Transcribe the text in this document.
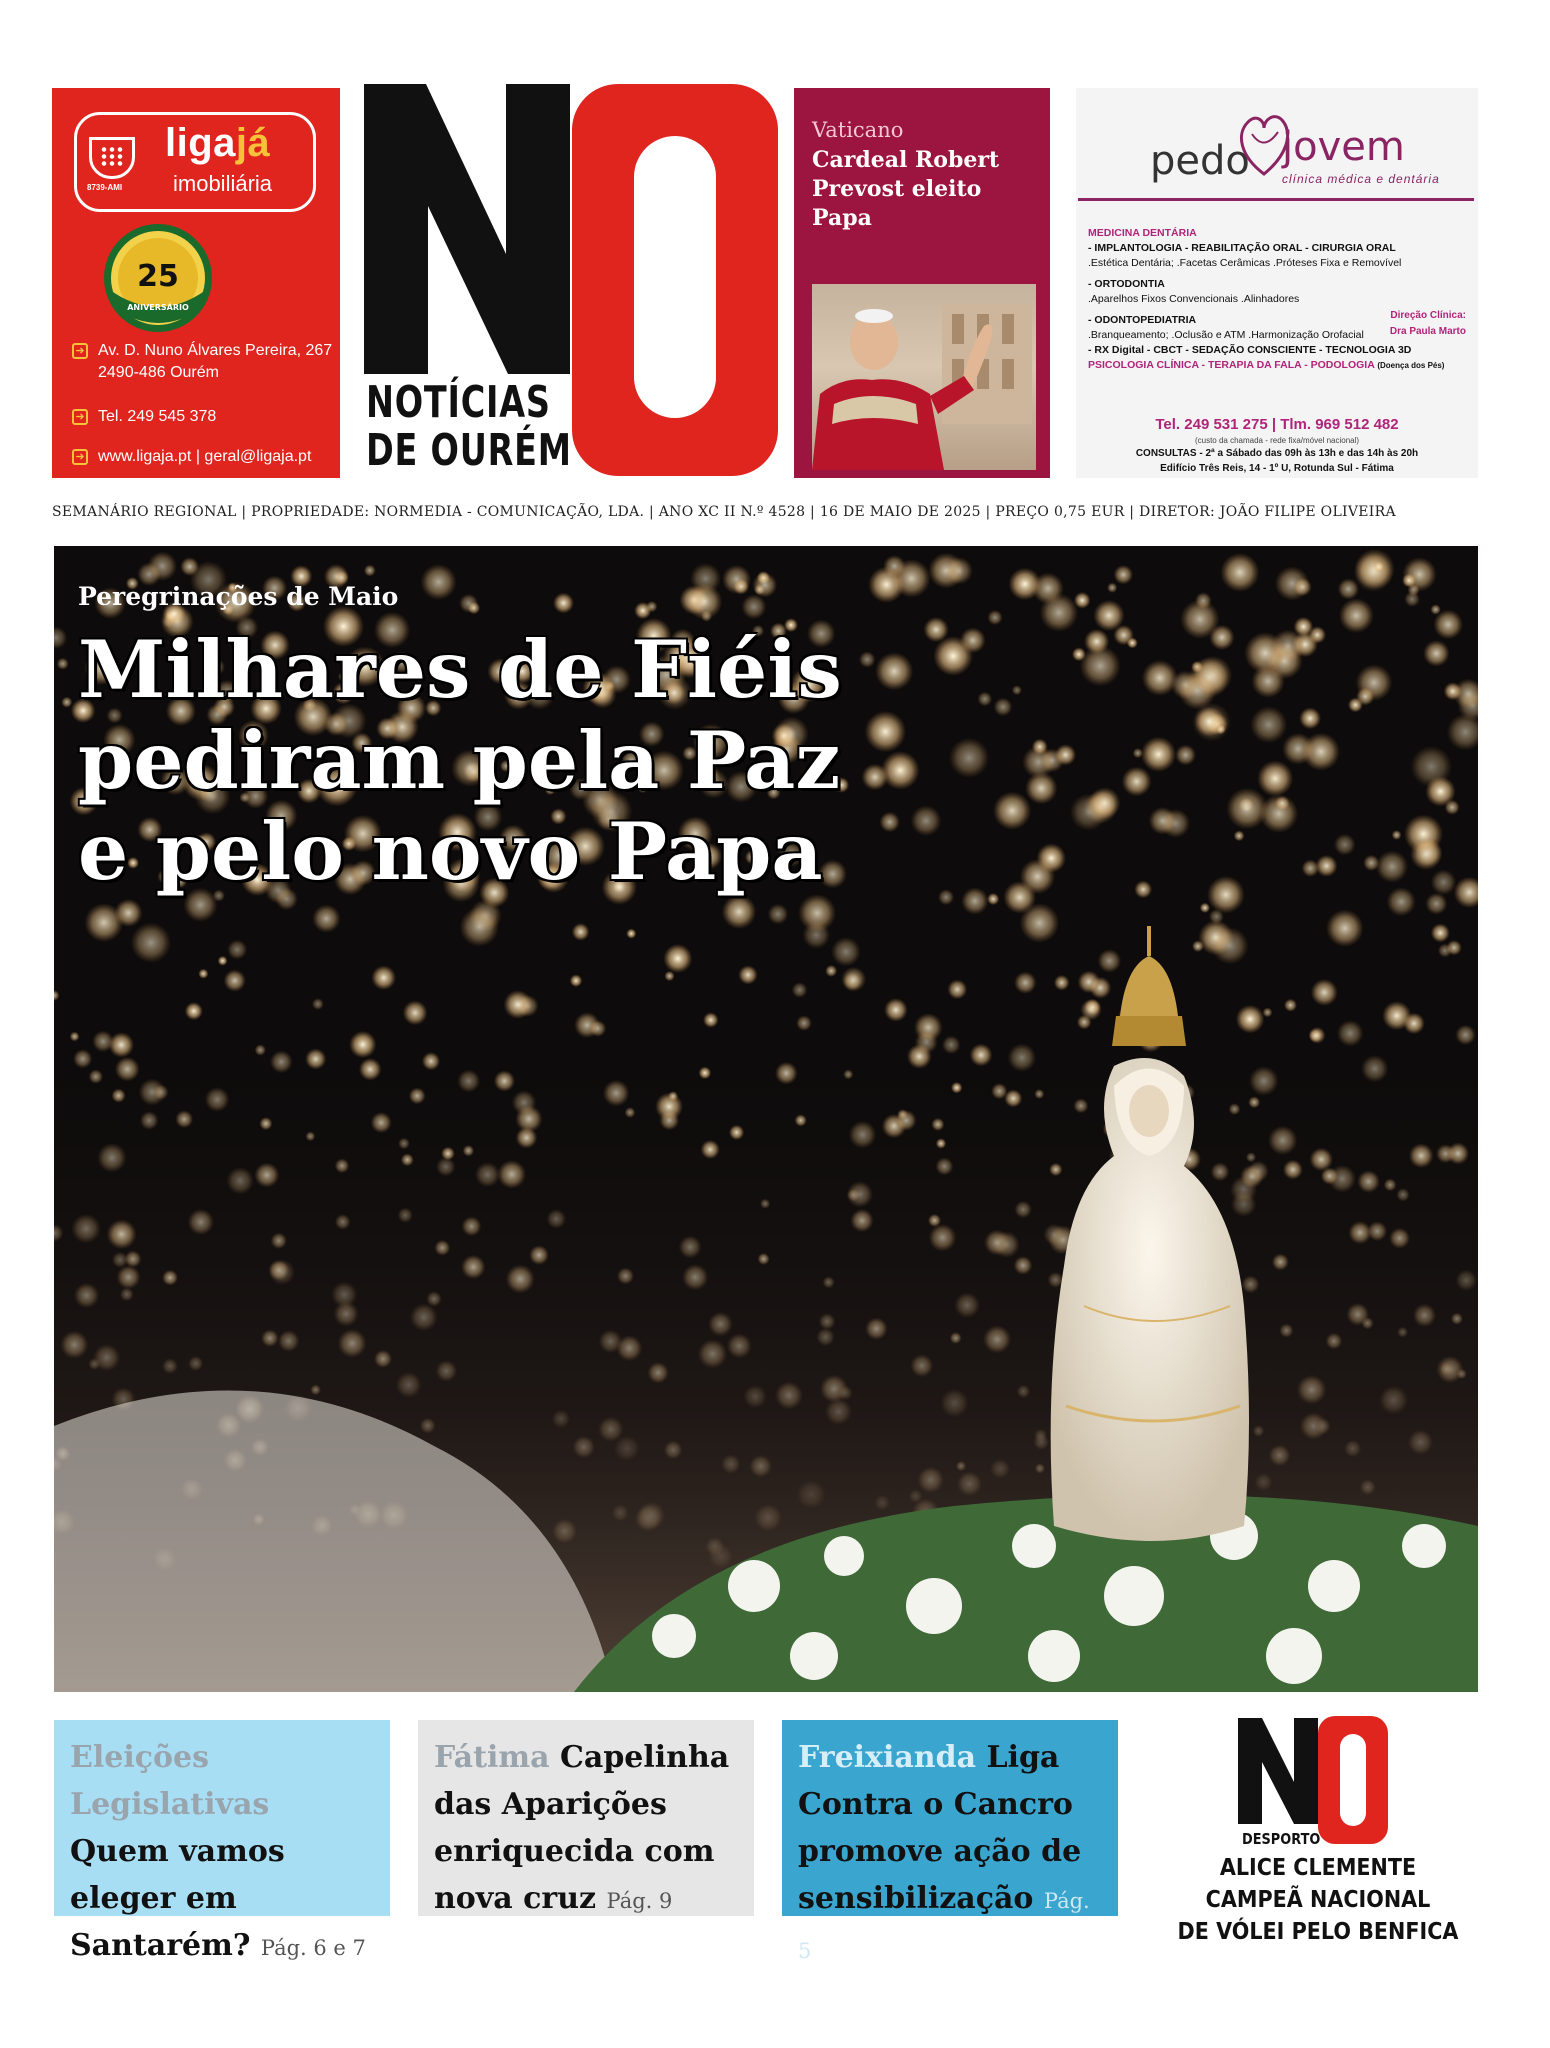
8739-AMI
ligajá
imobiliária
25
ANIVERSÁRIO
➜ Av. D. Nuno Álvares Pereira, 267
2490-486 Ourém
➜ Tel. 249 545 378
➜ www.ligaja.pt | geral@ligaja.pt
NOTÍCIAS
DE OURÉM
Vaticano
Cardeal Robert Prevost eleito Papa
pedo jovem
clínica médica e dentária
MEDICINA DENTÁRIA
- IMPLANTOLOGIA - REABILITAÇÃO ORAL - CIRURGIA ORAL
.Estética Dentária; .Facetas Cerâmicas .Próteses Fixa e Removível
- ORTODONTIA
.Aparelhos Fixos Convencionais .Alinhadores
- ODONTOPEDIATRIA
.Branqueamento; .Oclusão e ATM .Harmonização Orofacial
- RX Digital - CBCT - SEDAÇÃO CONSCIENTE - TECNOLOGIA 3D
PSICOLOGIA CLÍNICA - TERAPIA DA FALA - PODOLOGIA (Doença dos Pés)
Direção Clínica:
Dra Paula Marto
Tel. 249 531 275 | Tlm. 969 512 482
(custo da chamada - rede fixa/móvel nacional)
CONSULTAS - 2ª a Sábado das 09h às 13h e das 14h às 20h
Edifício Três Reis, 14 - 1º U, Rotunda Sul - Fátima
SEMANÁRIO REGIONAL | PROPRIEDADE: NORMEDIA - COMUNICAÇÃO, LDA. | ANO XC II N.º 4528 | 16 DE MAIO DE 2025 | PREÇO 0,75 EUR | DIRETOR: JOÃO FILIPE OLIVEIRA
Peregrinações de Maio
Milhares de Fiéis
pediram pela Paz
e pelo novo Papa
Eleições Legislativas Quem vamos eleger em Santarém? Pág. 6 e 7
Fátima Capelinha das Aparições enriquecida com nova cruz Pág. 9
Freixianda Liga Contra o Cancro promove ação de sensibilização Pág. 5
DESPORTO
ALICE CLEMENTE
CAMPEÃ NACIONAL
DE VÓLEI PELO BENFICA
